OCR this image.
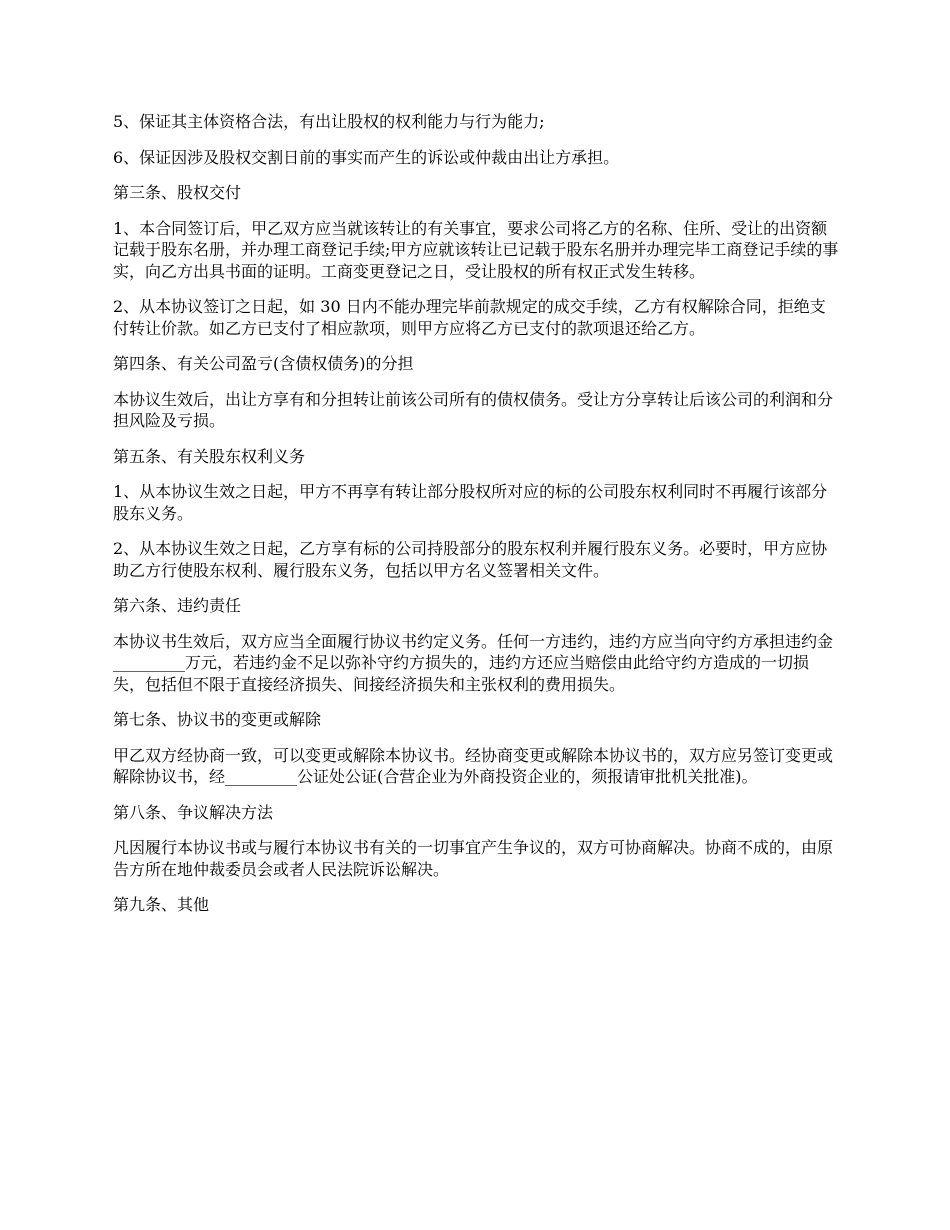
5、保证其主体资格合法，有出让股权的权利能力与行为能力;

6、保证因涉及股权交割日前的事实而产生的诉讼或仲裁由出让方承担。

第三条、股权交付

1、本合同签订后，甲乙双方应当就该转让的有关事宜，要求公司将乙方的名称、住所、受让的出资额记载于股东名册，并办理工商登记手续;甲方应就该转让已记载于股东名册并办理完毕工商登记手续的事实，向乙方出具书面的证明。工商变更登记之日，受让股权的所有权正式发生转移。

2、从本协议签订之日起，如 30 日内不能办理完毕前款规定的成交手续，乙方有权解除合同，拒绝支付转让价款。如乙方已支付了相应款项，则甲方应将乙方已支付的款项退还给乙方。

第四条、有关公司盈亏(含债权债务)的分担

本协议生效后，出让方享有和分担转让前该公司所有的债权债务。受让方分享转让后该公司的利润和分担风险及亏损。

第五条、有关股东权利义务

1、从本协议生效之日起，甲方不再享有转让部分股权所对应的标的公司股东权利同时不再履行该部分股东义务。

2、从本协议生效之日起，乙方享有标的公司持股部分的股东权利并履行股东义务。必要时，甲方应协助乙方行使股东权利、履行股东义务，包括以甲方名义签署相关文件。

第六条、违约责任

本协议书生效后，双方应当全面履行协议书约定义务。任何一方违约，违约方应当向守约方承担违约金_________万元，若违约金不足以弥补守约方损失的，违约方还应当赔偿由此给守约方造成的一切损失，包括但不限于直接经济损失、间接经济损失和主张权利的费用损失。

第七条、协议书的变更或解除

甲乙双方经协商一致，可以变更或解除本协议书。经协商变更或解除本协议书的，双方应另签订变更或解除协议书，经_________公证处公证(合营企业为外商投资企业的，须报请审批机关批准)。

第八条、争议解决方法

凡因履行本协议书或与履行本协议书有关的一切事宜产生争议的，双方可协商解决。协商不成的，由原告方所在地仲裁委员会或者人民法院诉讼解决。

第九条、其他
